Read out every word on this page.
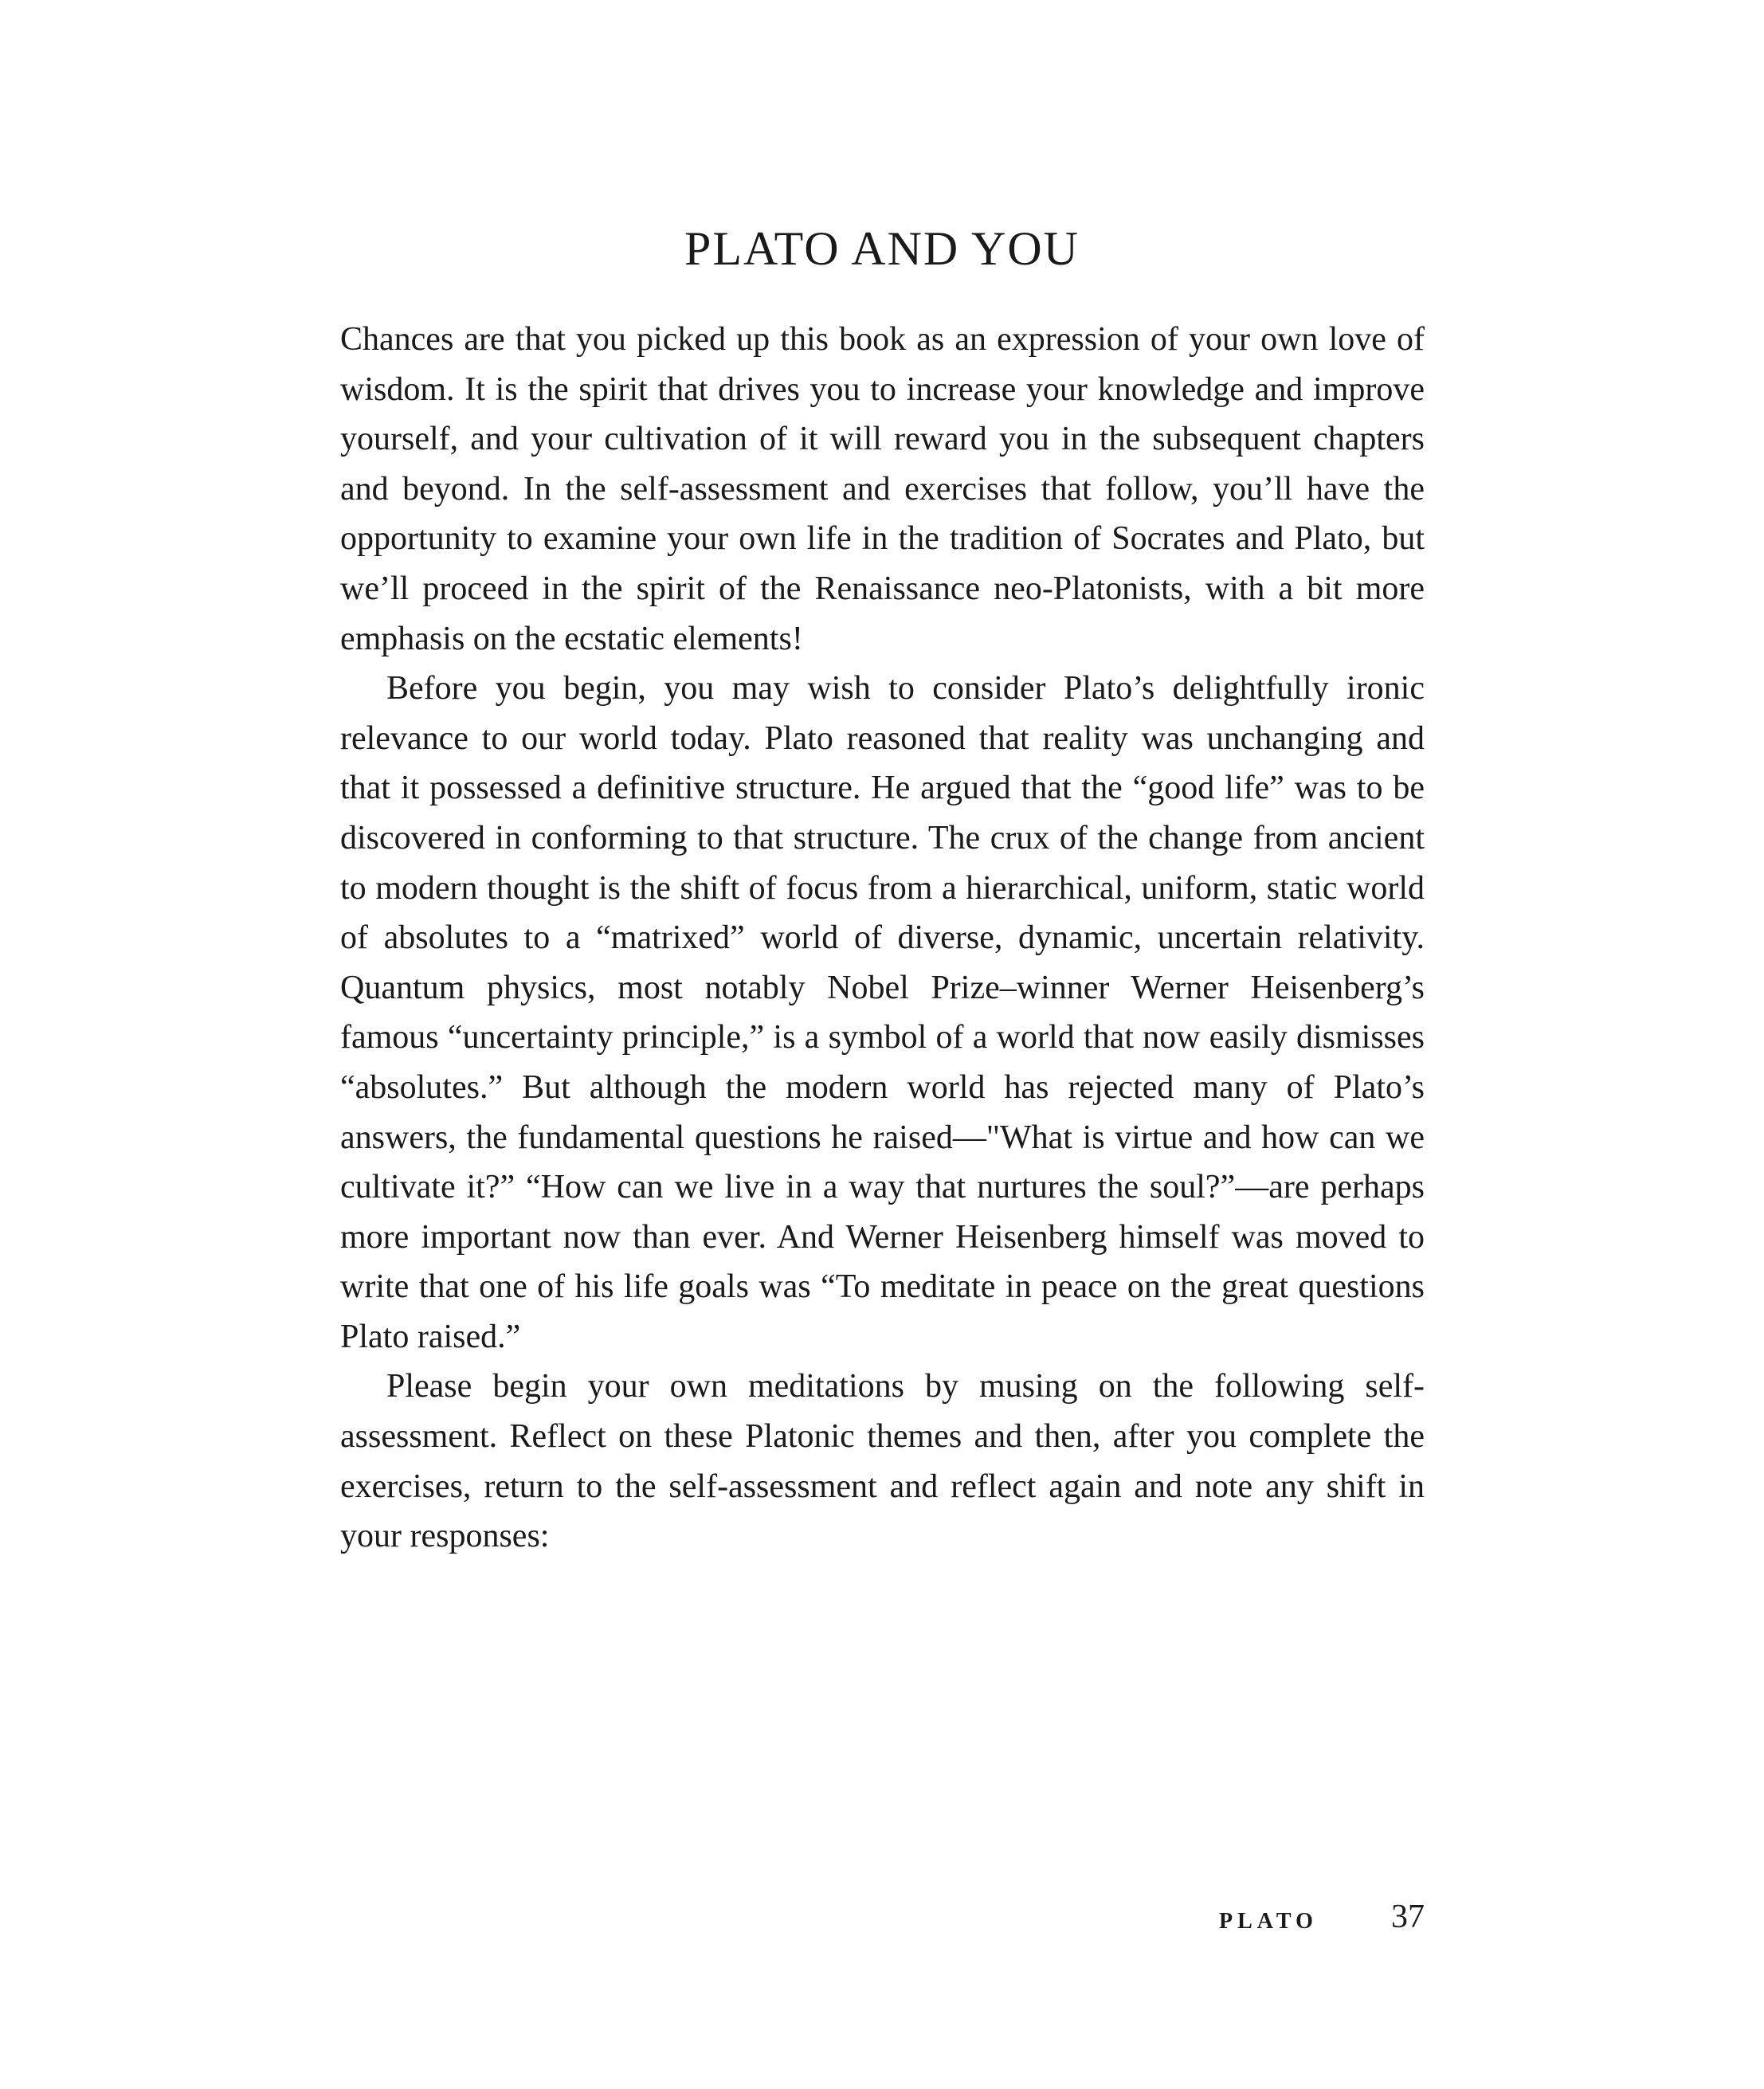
PLATO AND YOU

Chances are that you picked up this book as an expression of your own love of wisdom. It is the spirit that drives you to increase your knowledge and improve yourself, and your cultivation of it will reward you in the subsequent chapters and beyond. In the self-assessment and exercises that follow, you’ll have the opportunity to examine your own life in the tradition of Socrates and Plato, but we’ll proceed in the spirit of the Renaissance neo-Platonists, with a bit more emphasis on the ecstatic elements!

Before you begin, you may wish to consider Plato’s delightfully ironic relevance to our world today. Plato reasoned that reality was unchanging and that it possessed a definitive structure. He argued that the “good life” was to be discovered in conforming to that structure. The crux of the change from ancient to modern thought is the shift of focus from a hierarchical, uniform, static world of absolutes to a “matrixed” world of diverse, dynamic, uncertain relativity. Quantum physics, most notably Nobel Prize–winner Werner Heisenberg’s famous “uncertainty principle,” is a symbol of a world that now easily dismisses “absolutes.” But although the modern world has rejected many of Plato’s answers, the fundamental questions he raised—"What is virtue and how can we cultivate it?” “How can we live in a way that nurtures the soul?”—are perhaps more important now than ever. And Werner Heisenberg himself was moved to write that one of his life goals was “To meditate in peace on the great questions Plato raised.”

Please begin your own meditations by musing on the following self-assessment. Reflect on these Platonic themes and then, after you complete the exercises, return to the self-assessment and reflect again and note any shift in your responses:

PLATO 37
